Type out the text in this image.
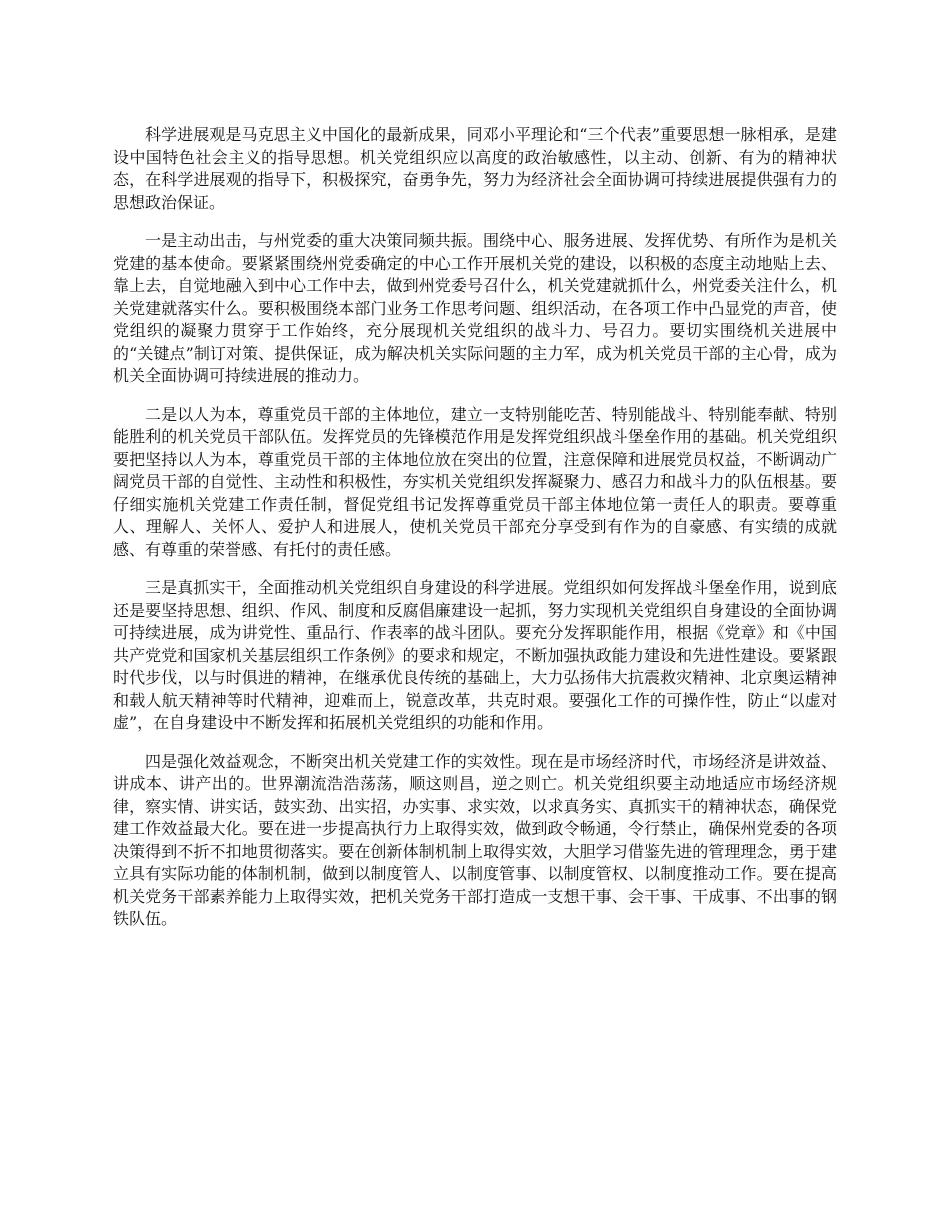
科学进展观是马克思主义中国化的最新成果，同邓小平理论和“三个代表”重要思想一脉相承，是建设中国特色社会主义的指导思想。机关党组织应以高度的政治敏感性，以主动、创新、有为的精神状态，在科学进展观的指导下，积极探究，奋勇争先，努力为经济社会全面协调可持续进展提供强有力的思想政治保证。

一是主动出击，与州党委的重大决策同频共振。围绕中心、服务进展、发挥优势、有所作为是机关党建的基本使命。要紧紧围绕州党委确定的中心工作开展机关党的建设，以积极的态度主动地贴上去、靠上去，自觉地融入到中心工作中去，做到州党委号召什么，机关党建就抓什么，州党委关注什么，机关党建就落实什么。要积极围绕本部门业务工作思考问题、组织活动，在各项工作中凸显党的声音，使党组织的凝聚力贯穿于工作始终，充分展现机关党组织的战斗力、号召力。要切实围绕机关进展中的“关键点”制订对策、提供保证，成为解决机关实际问题的主力军，成为机关党员干部的主心骨，成为机关全面协调可持续进展的推动力。

二是以人为本，尊重党员干部的主体地位，建立一支特别能吃苦、特别能战斗、特别能奉献、特别能胜利的机关党员干部队伍。发挥党员的先锋模范作用是发挥党组织战斗堡垒作用的基础。机关党组织要把坚持以人为本，尊重党员干部的主体地位放在突出的位置，注意保障和进展党员权益，不断调动广阔党员干部的自觉性、主动性和积极性，夯实机关党组织发挥凝聚力、感召力和战斗力的队伍根基。要仔细实施机关党建工作责任制，督促党组书记发挥尊重党员干部主体地位第一责任人的职责。要尊重人、理解人、关怀人、爱护人和进展人，使机关党员干部充分享受到有作为的自豪感、有实绩的成就感、有尊重的荣誉感、有托付的责任感。

三是真抓实干，全面推动机关党组织自身建设的科学进展。党组织如何发挥战斗堡垒作用，说到底还是要坚持思想、组织、作风、制度和反腐倡廉建设一起抓，努力实现机关党组织自身建设的全面协调可持续进展，成为讲党性、重品行、作表率的战斗团队。要充分发挥职能作用，根据《党章》和《中国共产党党和国家机关基层组织工作条例》的要求和规定，不断加强执政能力建设和先进性建设。要紧跟时代步伐，以与时俱进的精神，在继承优良传统的基础上，大力弘扬伟大抗震救灾精神、北京奥运精神和载人航天精神等时代精神，迎难而上，锐意改革，共克时艰。要强化工作的可操作性，防止“以虚对虚”，在自身建设中不断发挥和拓展机关党组织的功能和作用。

四是强化效益观念，不断突出机关党建工作的实效性。现在是市场经济时代，市场经济是讲效益、讲成本、讲产出的。世界潮流浩浩荡荡，顺这则昌，逆之则亡。机关党组织要主动地适应市场经济规律，察实情、讲实话，鼓实劲、出实招，办实事、求实效，以求真务实、真抓实干的精神状态，确保党建工作效益最大化。要在进一步提高执行力上取得实效，做到政令畅通，令行禁止，确保州党委的各项决策得到不折不扣地贯彻落实。要在创新体制机制上取得实效，大胆学习借鉴先进的管理理念，勇于建立具有实际功能的体制机制，做到以制度管人、以制度管事、以制度管权、以制度推动工作。要在提高机关党务干部素养能力上取得实效，把机关党务干部打造成一支想干事、会干事、干成事、不出事的钢铁队伍。
